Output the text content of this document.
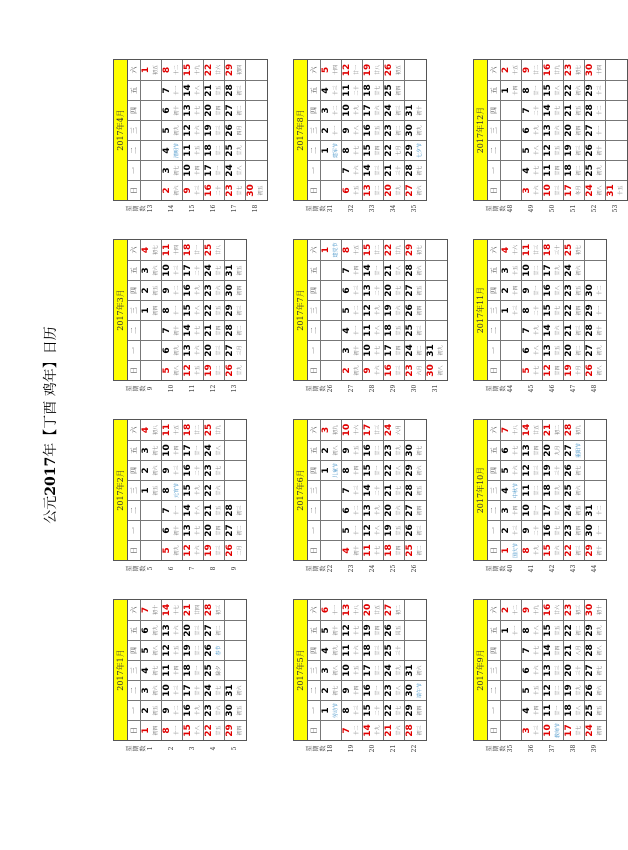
公元2017年【丁酉 鸡年】日历
星 期 数
2017年1月
日
一
二
三
四
五
六
1 初四
2 初五
3 初六
4 初七
5 初八
6 初九
7 初十
8 十一
9 十二
10 十三
11 十四
12 十五
13 十六
14 十七
15 十八
16 十九
17 廿十
18 廿一
19 廿二
20 廿三
21 廿四
22 廿五
23 廿六
24 廿七
25 除夕
26 春节
27 初二
28 初三
29 初四
30 初五
31 初六
1 2 3 4 5
星 期 数
2017年2月
日
一
二
三
四
五
六
1 初五
2 初六
3 初七
4 初八
5 初九
6 初十
7 十一
8 元宵节
9 十三
10 十四
11 十五
12 十六
13 十七
14 十八
15 十九
16 二十
17 廿一
18 廿二
19 廿三
20 廿四
21 廿五
22 廿六
23 廿七
24 廿八
25 廿九
26 二月
27 初二
28 初三
5 6 7 8 9
星 期 数
2017年3月
日
一
二
三
四
五
六
1 初四
2 初五
3 初六
4 初七
5 初八
6 初九
7 初十
8 十一
9 十二
10 十三
11 十四
12 十五
13 十六
14 十七
15 十八
16 十九
17 二十
18 廿一
19 廿二
20 廿三
21 廿四
22 廿五
23 廿六
24 廿七
25 廿八
26 廿九
27 三月
28 初二
29 初三
30 初四
31 初五
9 10 11 12 13
星 期 数
2017年4月
日
一
二
三
四
五
六 1 初五
2 初六
3 初七
4 清明节
5 初九
6 初十
7 十一
8 十二
9 十三
10 十四
11 十五
12 十六
13 十七
14 十八
15 十九
16 二十
17 廿一
18 廿二
19 廿三
20 廿四
21 廿五
22 廿六
23 廿七
24 廿八
25 廿九
26 四月
27 初二
28 初三
29 初四
30 初五
13 14 15 16 17 18
星 期 数
2017年5月
日
一
二
三
四
五
六
1 劳动节
2 初七
3 初八
4 初九
5 初十
6 十一
7 十二
8 十三
9 十四
10 十五
11 十六
12 十七
13 十八
14 十九
15 二十
16 廿一
17 廿二
18 廿三
19 廿四
20 廿五
21 廿六
22 廿七
23 廿八
24 廿九
25 三十
26 闰五
27 初二
28 初三
29 初四
30 端午节
31 初六
18 19 20 21 22
星 期 数
2017年6月
日
一
二
三
四
五
六
1 儿童节
2 初八
3 初九
4 初十
5 十一
6 十二
7 十三
8 十四
9 十五
10 十六
11 十七
12 十八
13 十九
14 二十
15 廿一
16 廿二
17 廿三
18 廿四
19 廿五
20 廿六
21 廿七
22 廿八
23 廿九
24 六月
25 初二
26 初三
27 初四
28 初五
29 初六
30 初七
22 23 24 25 26
星 期 数
2017年7月
日
一
二
三
四
五
六 1 建党节
2 初九
3 初十
4 十一
5 十二
6 十三
7 十四
8 十五
9 十六
10 十七
11 十八
12 十九
13 二十
14 廿一
15 廿二
16 廿三
17 廿四
18 廿五
19 廿六
20 廿七
21 廿八
22 廿九
23 六月
24 初二
25 初三
26 初四
27 初五
28 初六
29 初七
30 初八
31 初九
26 27 28 29 30 31
星 期 数
2017年8月
日
一
二
三
四
五
六
1 建军节
2 十一
3 十二
4 十三
5 十四
6 十五
7 十六
8 十七
9 十八
10 十九
11 二十
12 廿一
13 廿二
14 廿三
15 廿四
16 廿五
17 廿六
18 廿七
19 廿八
20 廿九
21 三十
22 七月
23 初二
24 初三
25 初四
26 初五
27 初六
28 初七
29 七夕节
30 初九
31 初十
31 32 33 34 35
星 期 数
2017年9月
日
一
二
三
四
五
六
1 十一
2 十二
3 十三
4 十四
5 十五
6 十六
7 十七
8 十八
9 十九
10 教师节
11 廿一
12 廿二
13 廿三
14 廿四
15 廿五
16 廿六
17 廿七
18 廿八
19 廿九
20 三十
21 八月
22 初二
23 初三
24 初四
25 初五
26 初六
27 初七
28 初八
29 初九
30 初十
35 36 37 38 39
星 期 数
2017年10月
日
一
二
三
四
五
六
1 国庆节
2 十三
3 十四
4 中秋节
5 十六
6 十七
7 十八
8 十九
9 二十
10 廿一
11 廿二
12 廿三
13 廿四
14 廿五
15 廿六
16 廿七
17 廿八
18 廿九
19 三十
20 九月
21 初二
22 初三
23 初四
24 初五
25 初六
26 初七
27 重阳节
28 初九
29 初十
30 十一
31 十二
40 41 42 43 44
星 期 数
2017年11月
日
一
二
三
四
五
六
1 十三
2 十四
3 十五
4 十六
5 十七
6 十八
7 十九
8 二十
9 廿一
10 廿二
11 廿三
12 廿四
13 廿五
14 廿六
15 廿七
16 廿八
17 廿九
18 三十
19 十月
20 初二
21 初三
22 初四
23 初五
24 初六
25 初七
26 初八
27 初九
28 初十
29 十一
30 十二
44 45 46 47 48
星 期 数
2017年12月
日
一
二
三
四
五
六
1 十四
2 十五
3 十六
4 十七
5 十八
6 十九
7 二十
8 廿一
9 廿二
10 廿三
11 廿四
12 廿五
13 廿六
14 廿七
15 廿八
16 廿九
17 冬月
18 初二
19 初三
20 初四
21 初五
22 初六
23 初七
24 初八
25 初九
26 初十
27 十一
28 十二
29 十三
30 十四
31 十五
48 49 50 51 52 53
